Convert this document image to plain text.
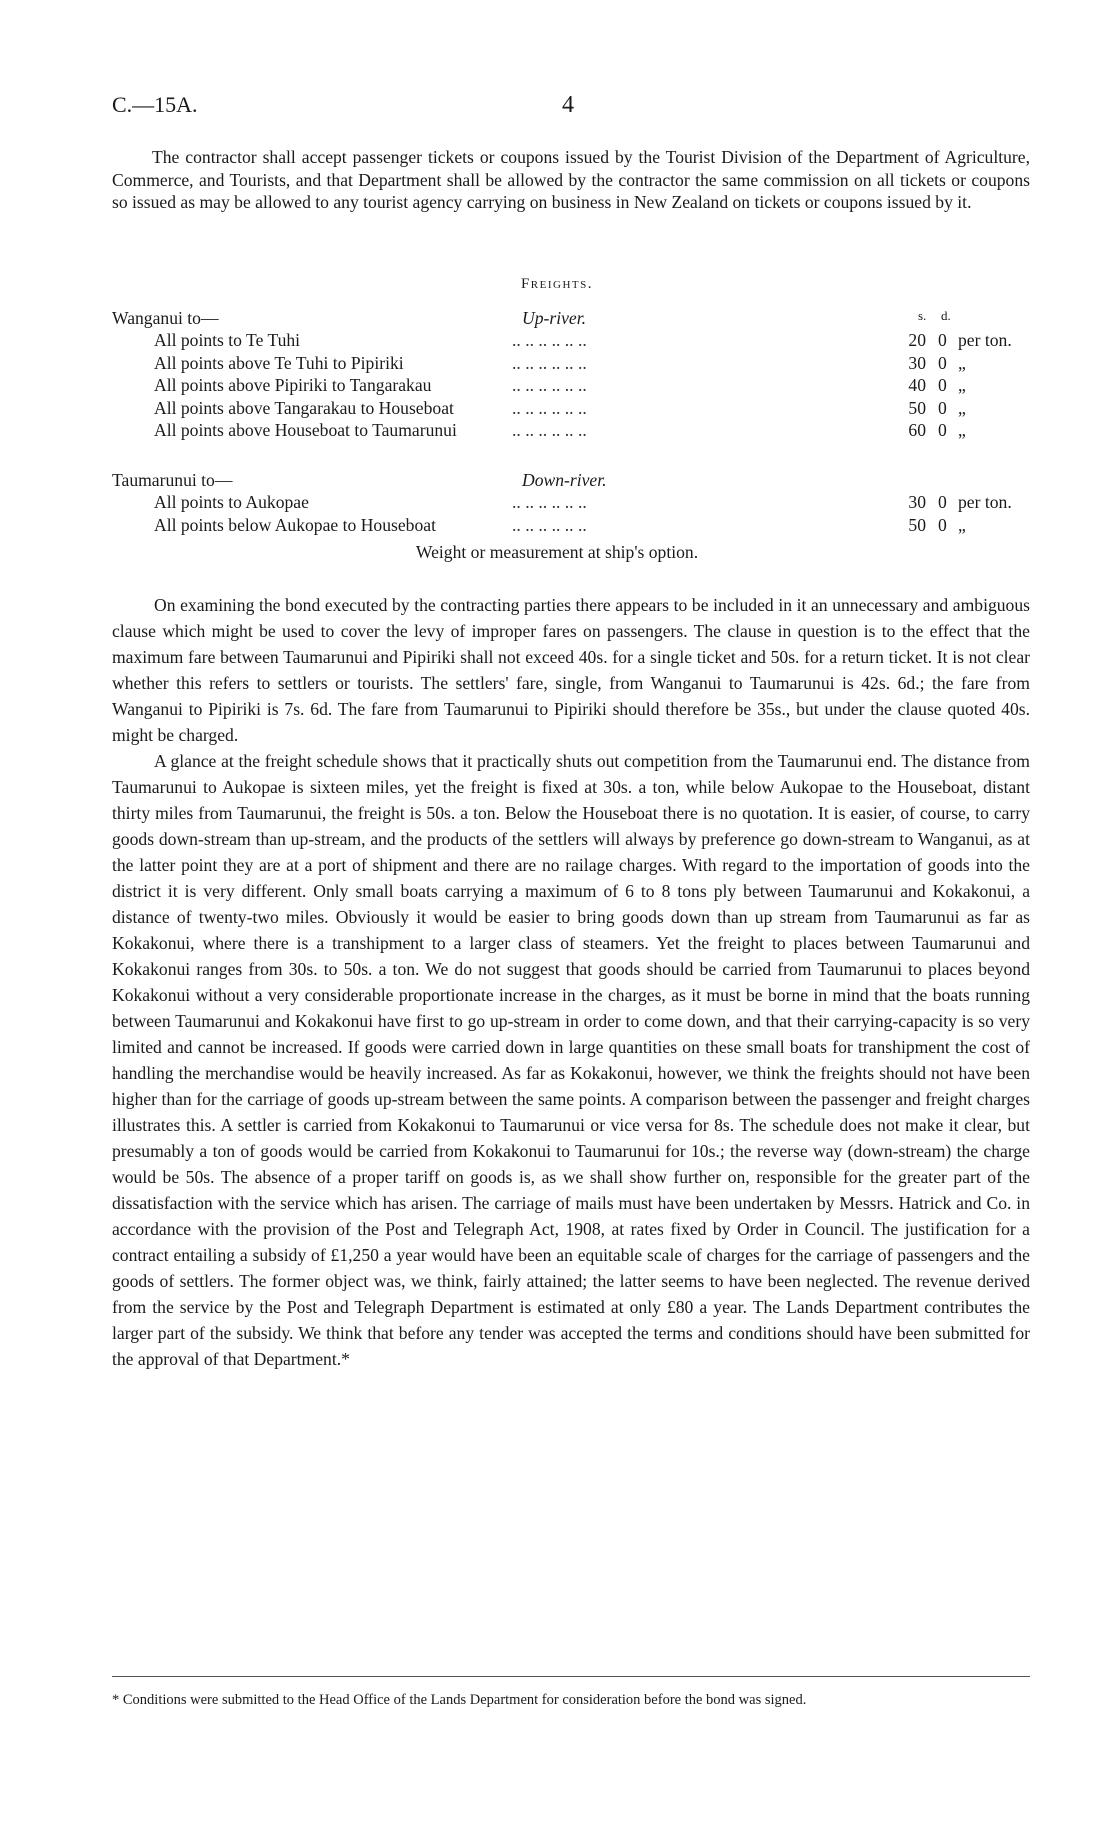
C.—15A.	4

The contractor shall accept passenger tickets or coupons issued by the Tourist Division of the Department of Agriculture, Commerce, and Tourists, and that Department shall be allowed by the contractor the same commission on all tickets or coupons so issued as may be allowed to any tourist agency carrying on business in New Zealand on tickets or coupons issued by it.

Freights.
Wanganui to—	Up-river.	s. d.
All points to Te Tuhi	.. .. .. .. .. ..	20 0 per ton.
All points above Te Tuhi to Pipiriki	.. .. .. .. .. ..	30 0 „
All points above Pipiriki to Tangarakau	.. .. .. .. .. ..	40 0 „
All points above Tangarakau to Houseboat	.. .. .. .. .. ..	50 0 „
All points above Houseboat to Taumarunui	.. .. .. .. .. ..	60 0 „
Taumarunui to—	Down-river.
All points to Aukopae	.. .. .. .. .. ..	30 0 per ton.
All points below Aukopae to Houseboat	.. .. .. .. .. ..	50 0 „
Weight or measurement at ship's option.

On examining the bond executed by the contracting parties there appears to be included in it an unnecessary and ambiguous clause which might be used to cover the levy of improper fares on passengers. The clause in question is to the effect that the maximum fare between Taumarunui and Pipiriki shall not exceed 40s. for a single ticket and 50s. for a return ticket. It is not clear whether this refers to settlers or tourists. The settlers' fare, single, from Wanganui to Taumarunui is 42s. 6d.; the fare from Wanganui to Pipiriki is 7s. 6d. The fare from Taumarunui to Pipiriki should therefore be 35s., but under the clause quoted 40s. might be charged.

A glance at the freight schedule shows that it practically shuts out competition from the Taumarunui end. The distance from Taumarunui to Aukopae is sixteen miles, yet the freight is fixed at 30s. a ton, while below Aukopae to the Houseboat, distant thirty miles from Taumarunui, the freight is 50s. a ton. Below the Houseboat there is no quotation. It is easier, of course, to carry goods down-stream than up-stream, and the products of the settlers will always by preference go down-stream to Wanganui, as at the latter point they are at a port of shipment and there are no railage charges. With regard to the importation of goods into the district it is very different. Only small boats carrying a maximum of 6 to 8 tons ply between Taumarunui and Kokakonui, a distance of twenty-two miles. Obviously it would be easier to bring goods down than up stream from Taumarunui as far as Kokakonui, where there is a transhipment to a larger class of steamers. Yet the freight to places between Taumarunui and Kokakonui ranges from 30s. to 50s. a ton. We do not suggest that goods should be carried from Taumarunui to places beyond Kokakonui without a very considerable proportionate increase in the charges, as it must be borne in mind that the boats running between Taumarunui and Kokakonui have first to go up-stream in order to come down, and that their carrying-capacity is so very limited and cannot be increased. If goods were carried down in large quantities on these small boats for transhipment the cost of handling the merchandise would be heavily increased. As far as Kokakonui, however, we think the freights should not have been higher than for the carriage of goods up-stream between the same points. A comparison between the passenger and freight charges illustrates this. A settler is carried from Kokakonui to Taumarunui or vice versa for 8s. The schedule does not make it clear, but presumably a ton of goods would be carried from Kokakonui to Taumarunui for 10s.; the reverse way (down-stream) the charge would be 50s. The absence of a proper tariff on goods is, as we shall show further on, responsible for the greater part of the dissatisfaction with the service which has arisen. The carriage of mails must have been undertaken by Messrs. Hatrick and Co. in accordance with the provision of the Post and Telegraph Act, 1908, at rates fixed by Order in Council. The justification for a contract entailing a subsidy of £1,250 a year would have been an equitable scale of charges for the carriage of passengers and the goods of settlers. The former object was, we think, fairly attained; the latter seems to have been neglected. The revenue derived from the service by the Post and Telegraph Department is estimated at only £80 a year. The Lands Department contributes the larger part of the subsidy. We think that before any tender was accepted the terms and conditions should have been submitted for the approval of that Department.*

* Conditions were submitted to the Head Office of the Lands Department for consideration before the bond was signed.
